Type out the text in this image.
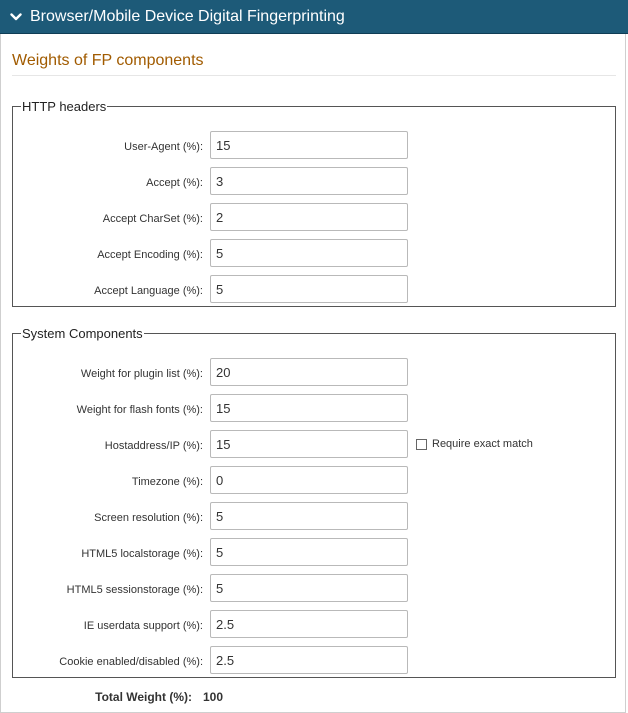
Browser/Mobile Device Digital Fingerprinting
Weights of FP components
HTTP headers
User-Agent (%):
15
Accept (%):
3
Accept CharSet (%):
2
Accept Encoding (%):
5
Accept Language (%):
5
System Components
Weight for plugin list (%):
20
Weight for flash fonts (%):
15
Hostaddress/IP (%):
15	Require exact match
Timezone (%):
0
Screen resolution (%):
5
HTML5 localstorage (%):
5
HTML5 sessionstorage (%):
5
IE userdata support (%):
2.5
Cookie enabled/disabled (%):
2.5
Total Weight (%): 100
